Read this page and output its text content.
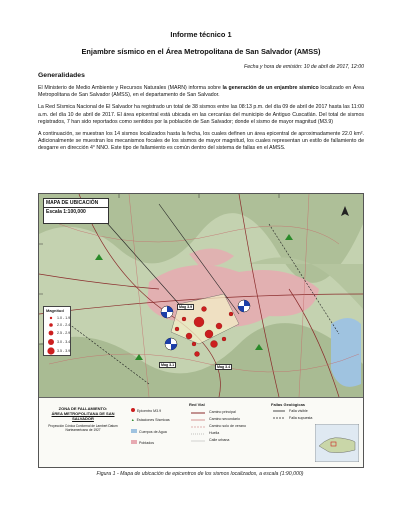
Informe técnico 1
Enjambre sísmico en el Área Metropolitana de San Salvador (AMSS)
Fecha y hora de emisión: 10 de abril de 2017, 12:00
Generalidades

El Ministerio de Medio Ambiente y Recursos Naturales (MARN) informa sobre la generación de un enjambre sísmico localizado en Área Metropolitana de San Salvador (AMSS), en el departamento de San Salvador.

La Red Sísmica Nacional de El Salvador ha registrado un total de 38 sismos entre las 08:13 p.m. del día 09 de abril de 2017 hasta las 11:00 a.m. del día 10 de abril de 2017. El área epicentral está ubicada en las cercanías del municipio de Antiguo Cuscatlán. Del total de sismos registrados, 7 han sido reportados como sentidos por la población de San Salvador; donde el sismo de mayor magnitud (M3.9)

A continuación, se muestran los 14 sismos localizados hasta la fecha, los cuales definen un área epicentral de aproximadamente 22.0 km². Adicionalmente se muestran los mecanismos focales de los sismos de mayor magnitud, los cuales representan un estilo de fallamiento de desgarre en dirección 4° NNO. Este tipo de fallamiento es común dentro del sistema de fallas en el AMSS.

MAPA DE UBICACIÓN
Escala 1:100,000
Mag 3.9
Mag 3.1	Mag 3.4
Magnitud
1.0 - 1.9
2.0 - 2.4
2.5 - 2.9
3.0 - 3.4
3.5 - 3.9
ZONA DE FALLAMIENTO:
ÁREA METROPOLITANA DE SAN SALVADOR
Proyección Cónica Conformal de Lambert Datum Norteamericano de 1927
Epicentro M3.9
▲ Estaciones Sísmicas
Cuerpos de Agua
Poblados
Red Vial
Camino principal
Camino secundario
Camino solo de verano
Huella
Calle urbana
Fallas Geológicas
Falla visible
Falla supuesta
Figura 1 - Mapa de ubicación de epicentros de los sismos localizados, a escala (1:90,000)
